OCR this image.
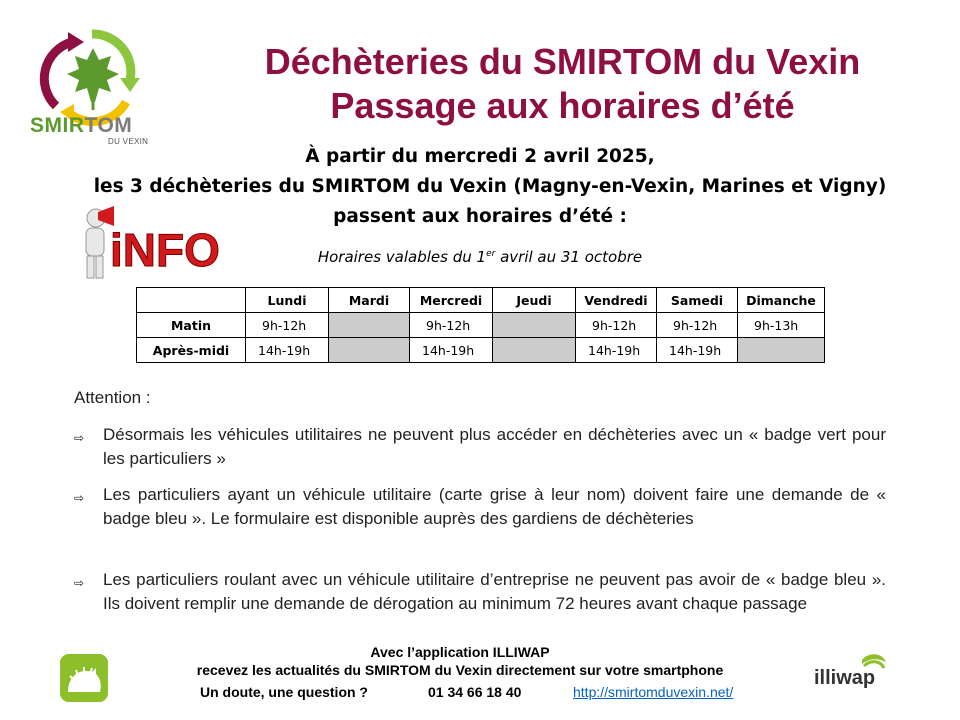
SMIRTOM
DU VEXIN
Déchèteries du SMIRTOM du Vexin
Passage aux horaires d’été
À partir du mercredi 2 avril 2025,
les 3 déchèteries du SMIRTOM du Vexin (Magny-en-Vexin, Marines et Vigny)
passent aux horaires d’été :
iNFO	Horaires valables du 1er avril au 31 octobre
	Lundi	Mardi	Mercredi	Jeudi	Vendredi	Samedi	Dimanche
Matin	9h-12h		9h-12h		9h-12h	9h-12h	9h-13h
Après-midi	14h-19h		14h-19h		14h-19h	14h-19h	
Attention :
⇨ Désormais les véhicules utilitaires ne peuvent plus accéder en déchèteries avec un « badge vert pour les particuliers »
⇨ Les particuliers ayant un véhicule utilitaire (carte grise à leur nom) doivent faire une demande de « badge bleu ». Le formulaire est disponible auprès des gardiens de déchèteries
⇨ Les particuliers roulant avec un véhicule utilitaire d’entreprise ne peuvent pas avoir de « badge bleu ». Ils doivent remplir une demande de dérogation au minimum 72 heures avant chaque passage
Avec l’application ILLIWAP
recevez les actualités du SMIRTOM du Vexin directement sur votre smartphone
Un doute, une question ?	01 34 66 18 40	http://smirtomduvexin.net/
illiwap
